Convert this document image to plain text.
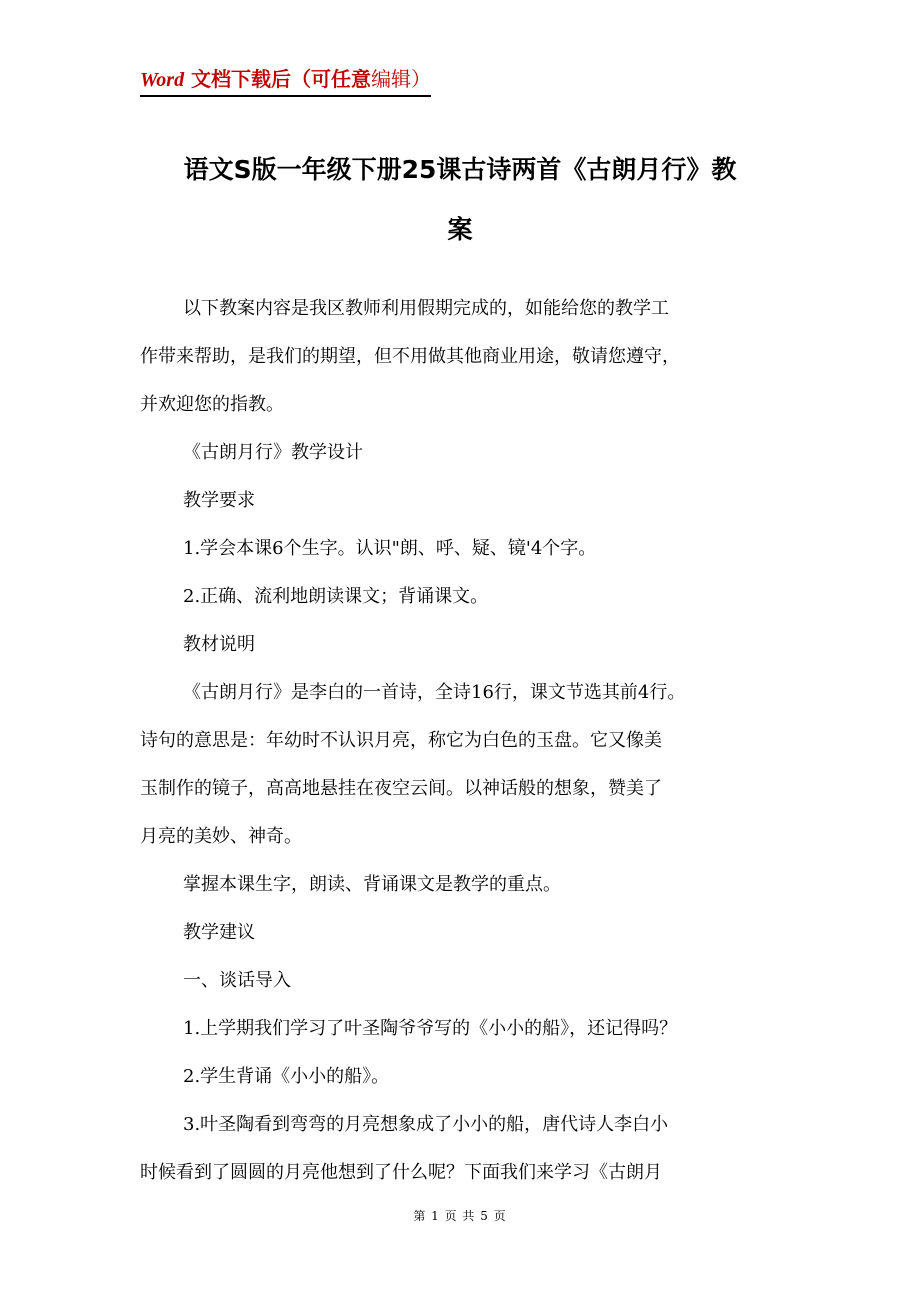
Word 文档下载后（可任意编辑）
语文S版一年级下册25课古诗两首《古朗月行》教
案

以下教案内容是我区教师利用假期完成的，如能给您的教学工

作带来帮助，是我们的期望，但不用做其他商业用途，敬请您遵守，

并欢迎您的指教。

《古朗月行》教学设计

教学要求

1.学会本课6个生字。认识"朗、呼、疑、镜'4个字。

2.正确、流利地朗读课文；背诵课文。

教材说明

《古朗月行》是李白的一首诗，全诗16行，课文节选其前4行。

诗句的意思是：年幼时不认识月亮，称它为白色的玉盘。它又像美

玉制作的镜子，高高地悬挂在夜空云间。以神话般的想象，赞美了

月亮的美妙、神奇。

掌握本课生字，朗读、背诵课文是教学的重点。

教学建议

一、谈话导入

1.上学期我们学习了叶圣陶爷爷写的《小小的船》，还记得吗？

2.学生背诵《小小的船》。

3.叶圣陶看到弯弯的月亮想象成了小小的船，唐代诗人李白小

时候看到了圆圆的月亮他想到了什么呢？下面我们来学习《古朗月

第 1 页 共 5 页
